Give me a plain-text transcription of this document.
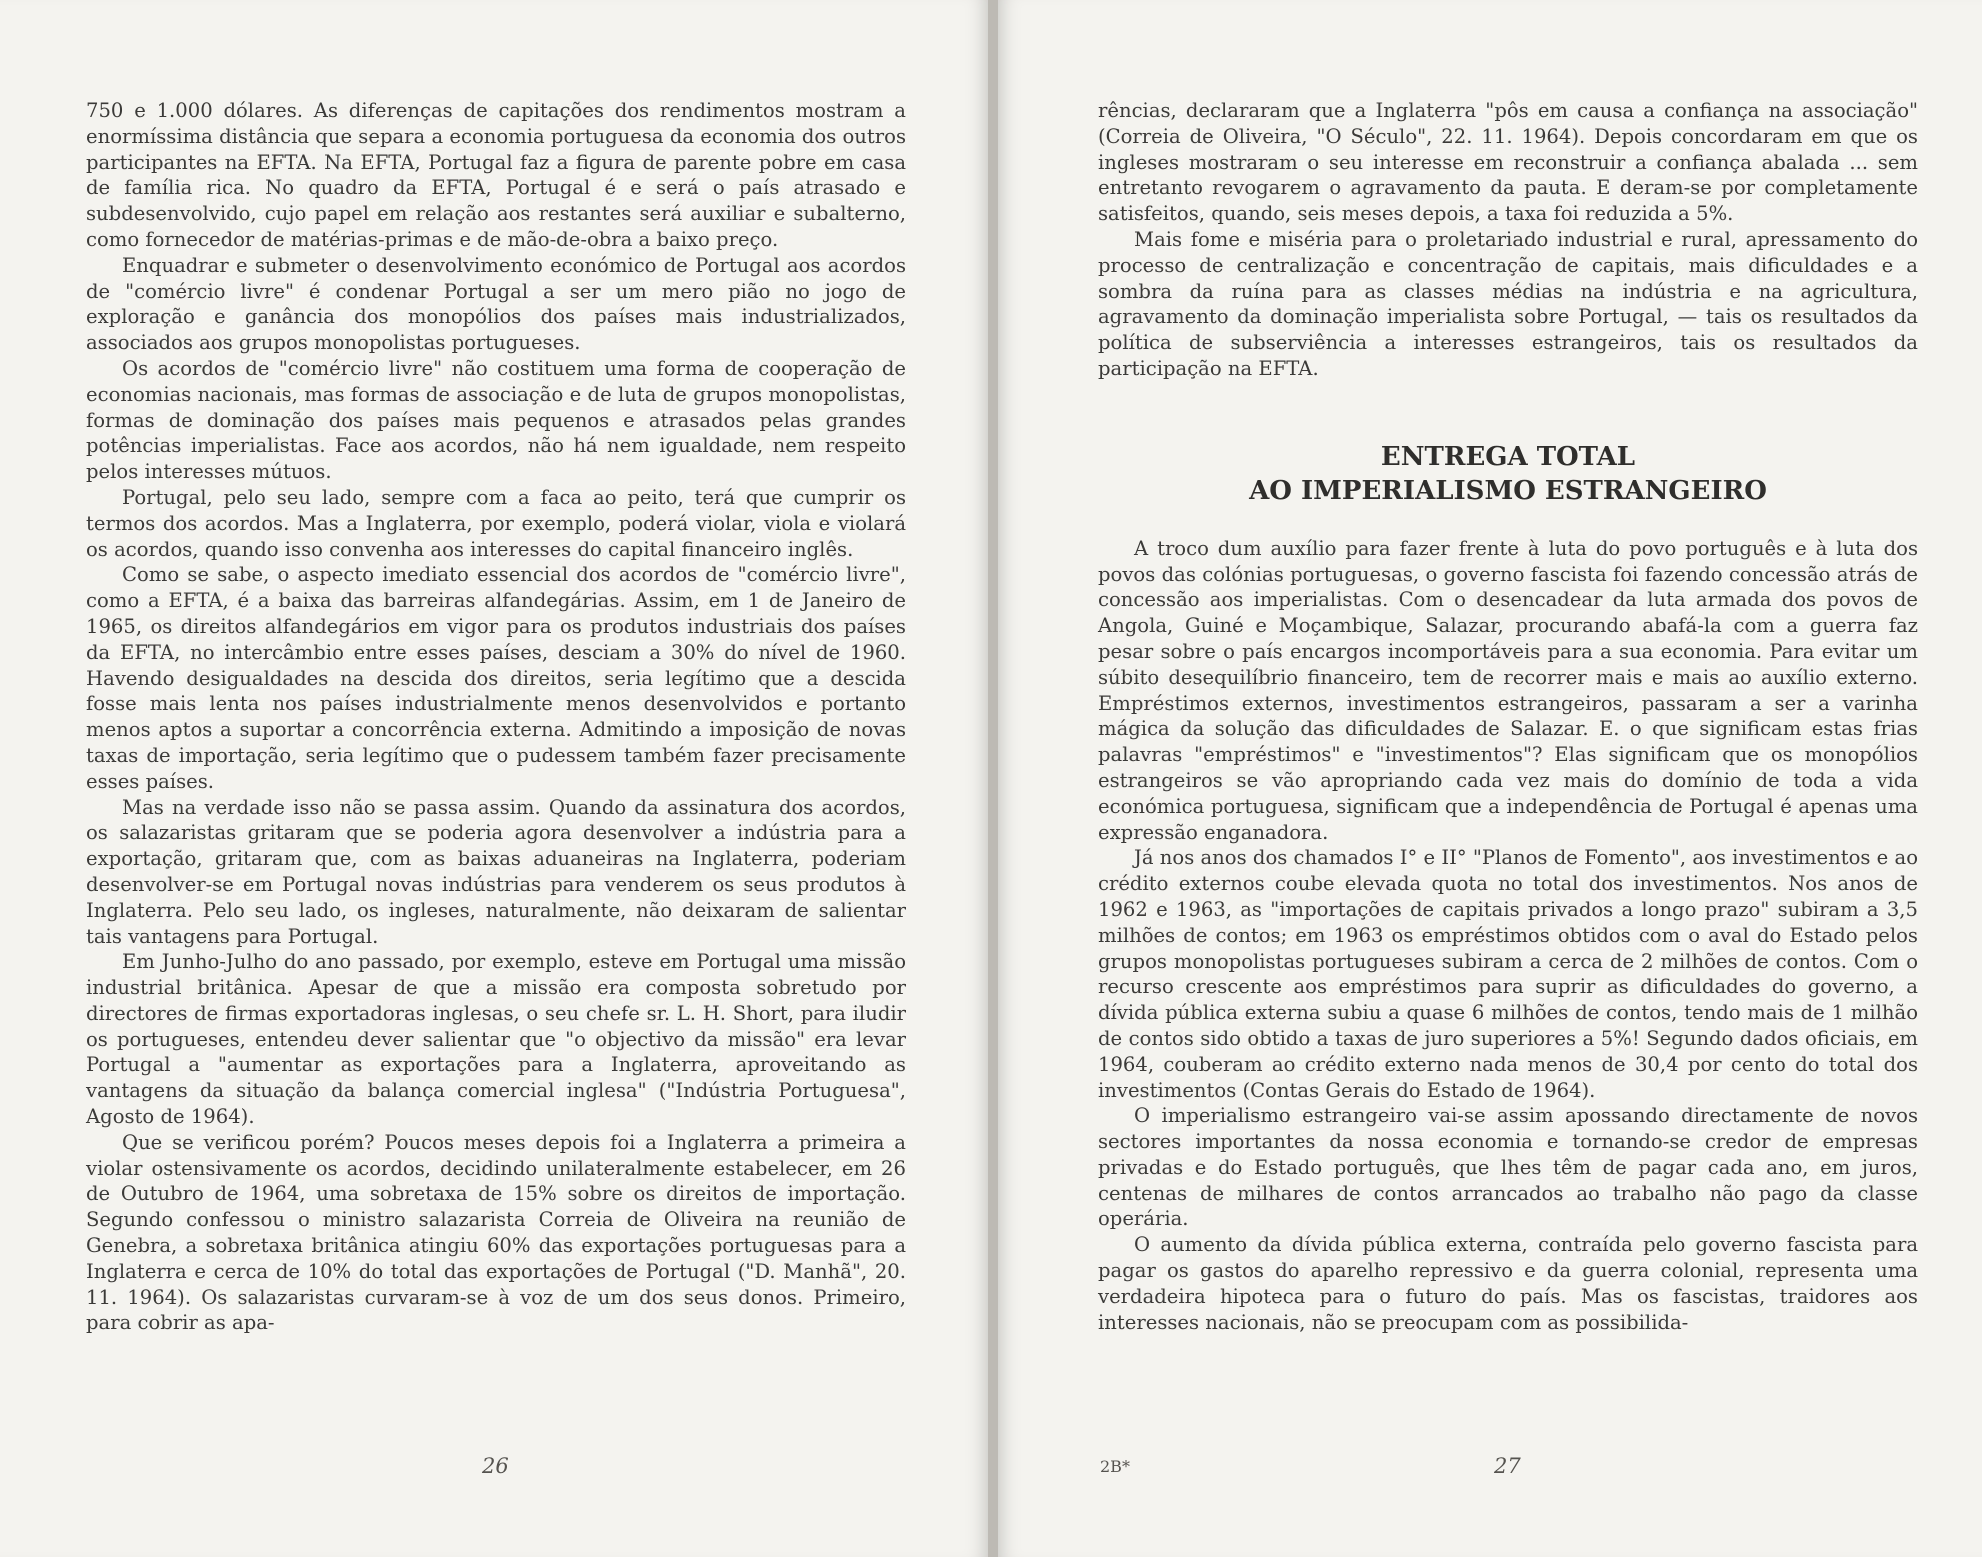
750 e 1.000 dólares. As diferenças de capitações dos rendimentos mostram a enormíssima distância que separa a economia portuguesa da economia dos outros participantes na EFTA. Na EFTA, Portugal faz a figura de parente pobre em casa de família rica. No quadro da EFTA, Portugal é e será o país atrasado e subdesenvolvido, cujo papel em relação aos restantes será auxiliar e subalterno, como fornecedor de matérias-primas e de mão-de-obra a baixo preço.

Enquadrar e submeter o desenvolvimento económico de Portugal aos acordos de "comércio livre" é condenar Portugal a ser um mero pião no jogo de exploração e ganância dos monopólios dos países mais industrializados, associados aos grupos monopolistas portugueses.

Os acordos de "comércio livre" não costituem uma forma de cooperação de economias nacionais, mas formas de associação e de luta de grupos monopolistas, formas de dominação dos países mais pequenos e atrasados pelas grandes potências imperialistas. Face aos acordos, não há nem igualdade, nem respeito pelos interesses mútuos.

Portugal, pelo seu lado, sempre com a faca ao peito, terá que cumprir os termos dos acordos. Mas a Inglaterra, por exemplo, poderá violar, viola e violará os acordos, quando isso convenha aos interesses do capital financeiro inglês.

Como se sabe, o aspecto imediato essencial dos acordos de "comércio livre", como a EFTA, é a baixa das barreiras alfandegárias. Assim, em 1 de Janeiro de 1965, os direitos alfandegários em vigor para os produtos industriais dos países da EFTA, no intercâmbio entre esses países, desciam a 30% do nível de 1960. Havendo desigualdades na descida dos direitos, seria legítimo que a descida fosse mais lenta nos países industrialmente menos desenvolvidos e portanto menos aptos a suportar a concorrência externa. Admitindo a imposição de novas taxas de importação, seria legítimo que o pudessem também fazer precisamente esses países.

Mas na verdade isso não se passa assim. Quando da assinatura dos acordos, os salazaristas gritaram que se poderia agora desenvolver a indústria para a exportação, gritaram que, com as baixas aduaneiras na Inglaterra, poderiam desenvolver-se em Portugal novas indústrias para venderem os seus produtos à Inglaterra. Pelo seu lado, os ingleses, naturalmente, não deixaram de salientar tais vantagens para Portugal.

Em Junho-Julho do ano passado, por exemplo, esteve em Portugal uma missão industrial britânica. Apesar de que a missão era composta sobretudo por directores de firmas exportadoras inglesas, o seu chefe sr. L. H. Short, para iludir os portugueses, entendeu dever salientar que "o objectivo da missão" era levar Portugal a "aumentar as exportações para a Inglaterra, aproveitando as vantagens da situação da balança comercial inglesa" ("Indústria Portuguesa", Agosto de 1964).

Que se verificou porém? Poucos meses depois foi a Inglaterra a primeira a violar ostensivamente os acordos, decidindo unilateralmente estabelecer, em 26 de Outubro de 1964, uma sobretaxa de 15% sobre os direitos de importação. Segundo confessou o ministro salazarista Correia de Oliveira na reunião de Genebra, a sobretaxa britânica atingiu 60% das exportações portuguesas para a Inglaterra e cerca de 10% do total das exportações de Portugal ("D. Manhã", 20. 11. 1964). Os salazaristas curvaram-se à voz de um dos seus donos. Primeiro, para cobrir as apa-

26

rências, declararam que a Inglaterra "pôs em causa a confiança na associação" (Correia de Oliveira, "O Século", 22. 11. 1964). Depois concordaram em que os ingleses mostraram o seu interesse em reconstruir a confiança abalada ... sem entretanto revogarem o agravamento da pauta. E deram-se por completamente satisfeitos, quando, seis meses depois, a taxa foi reduzida a 5%.

Mais fome e miséria para o proletariado industrial e rural, apressamento do processo de centralização e concentração de capitais, mais dificuldades e a sombra da ruína para as classes médias na indústria e na agricultura, agravamento da dominação imperialista sobre Portugal, — tais os resultados da política de subserviência a interesses estrangeiros, tais os resultados da participação na EFTA.

ENTREGA TOTAL
AO IMPERIALISMO ESTRANGEIRO

A troco dum auxílio para fazer frente à luta do povo português e à luta dos povos das colónias portuguesas, o governo fascista foi fazendo concessão atrás de concessão aos imperialistas. Com o desencadear da luta armada dos povos de Angola, Guiné e Moçambique, Salazar, procurando abafá-la com a guerra faz pesar sobre o país encargos incomportáveis para a sua economia. Para evitar um súbito desequilíbrio financeiro, tem de recorrer mais e mais ao auxílio externo. Empréstimos externos, investimentos estrangeiros, passaram a ser a varinha mágica da solução das dificuldades de Salazar. E. o que significam estas frias palavras "empréstimos" e "investimentos"? Elas significam que os monopólios estrangeiros se vão apropriando cada vez mais do domínio de toda a vida económica portuguesa, significam que a independência de Portugal é apenas uma expressão enganadora.

Já nos anos dos chamados I° e II° "Planos de Fomento", aos investimentos e ao crédito externos coube elevada quota no total dos investimentos. Nos anos de 1962 e 1963, as "importações de capitais privados a longo prazo" subiram a 3,5 milhões de contos; em 1963 os empréstimos obtidos com o aval do Estado pelos grupos monopolistas portugueses subiram a cerca de 2 milhões de contos. Com o recurso crescente aos empréstimos para suprir as dificuldades do governo, a dívida pública externa subiu a quase 6 milhões de contos, tendo mais de 1 milhão de contos sido obtido a taxas de juro superiores a 5%! Segundo dados oficiais, em 1964, couberam ao crédito externo nada menos de 30,4 por cento do total dos investimentos (Contas Gerais do Estado de 1964).

O imperialismo estrangeiro vai-se assim apossando directamente de novos sectores importantes da nossa economia e tornando-se credor de empresas privadas e do Estado português, que lhes têm de pagar cada ano, em juros, centenas de milhares de contos arrancados ao trabalho não pago da classe operária.

O aumento da dívida pública externa, contraída pelo governo fascista para pagar os gastos do aparelho repressivo e da guerra colonial, representa uma verdadeira hipoteca para o futuro do país. Mas os fascistas, traidores aos interesses nacionais, não se preocupam com as possibilida-

2B*	27
